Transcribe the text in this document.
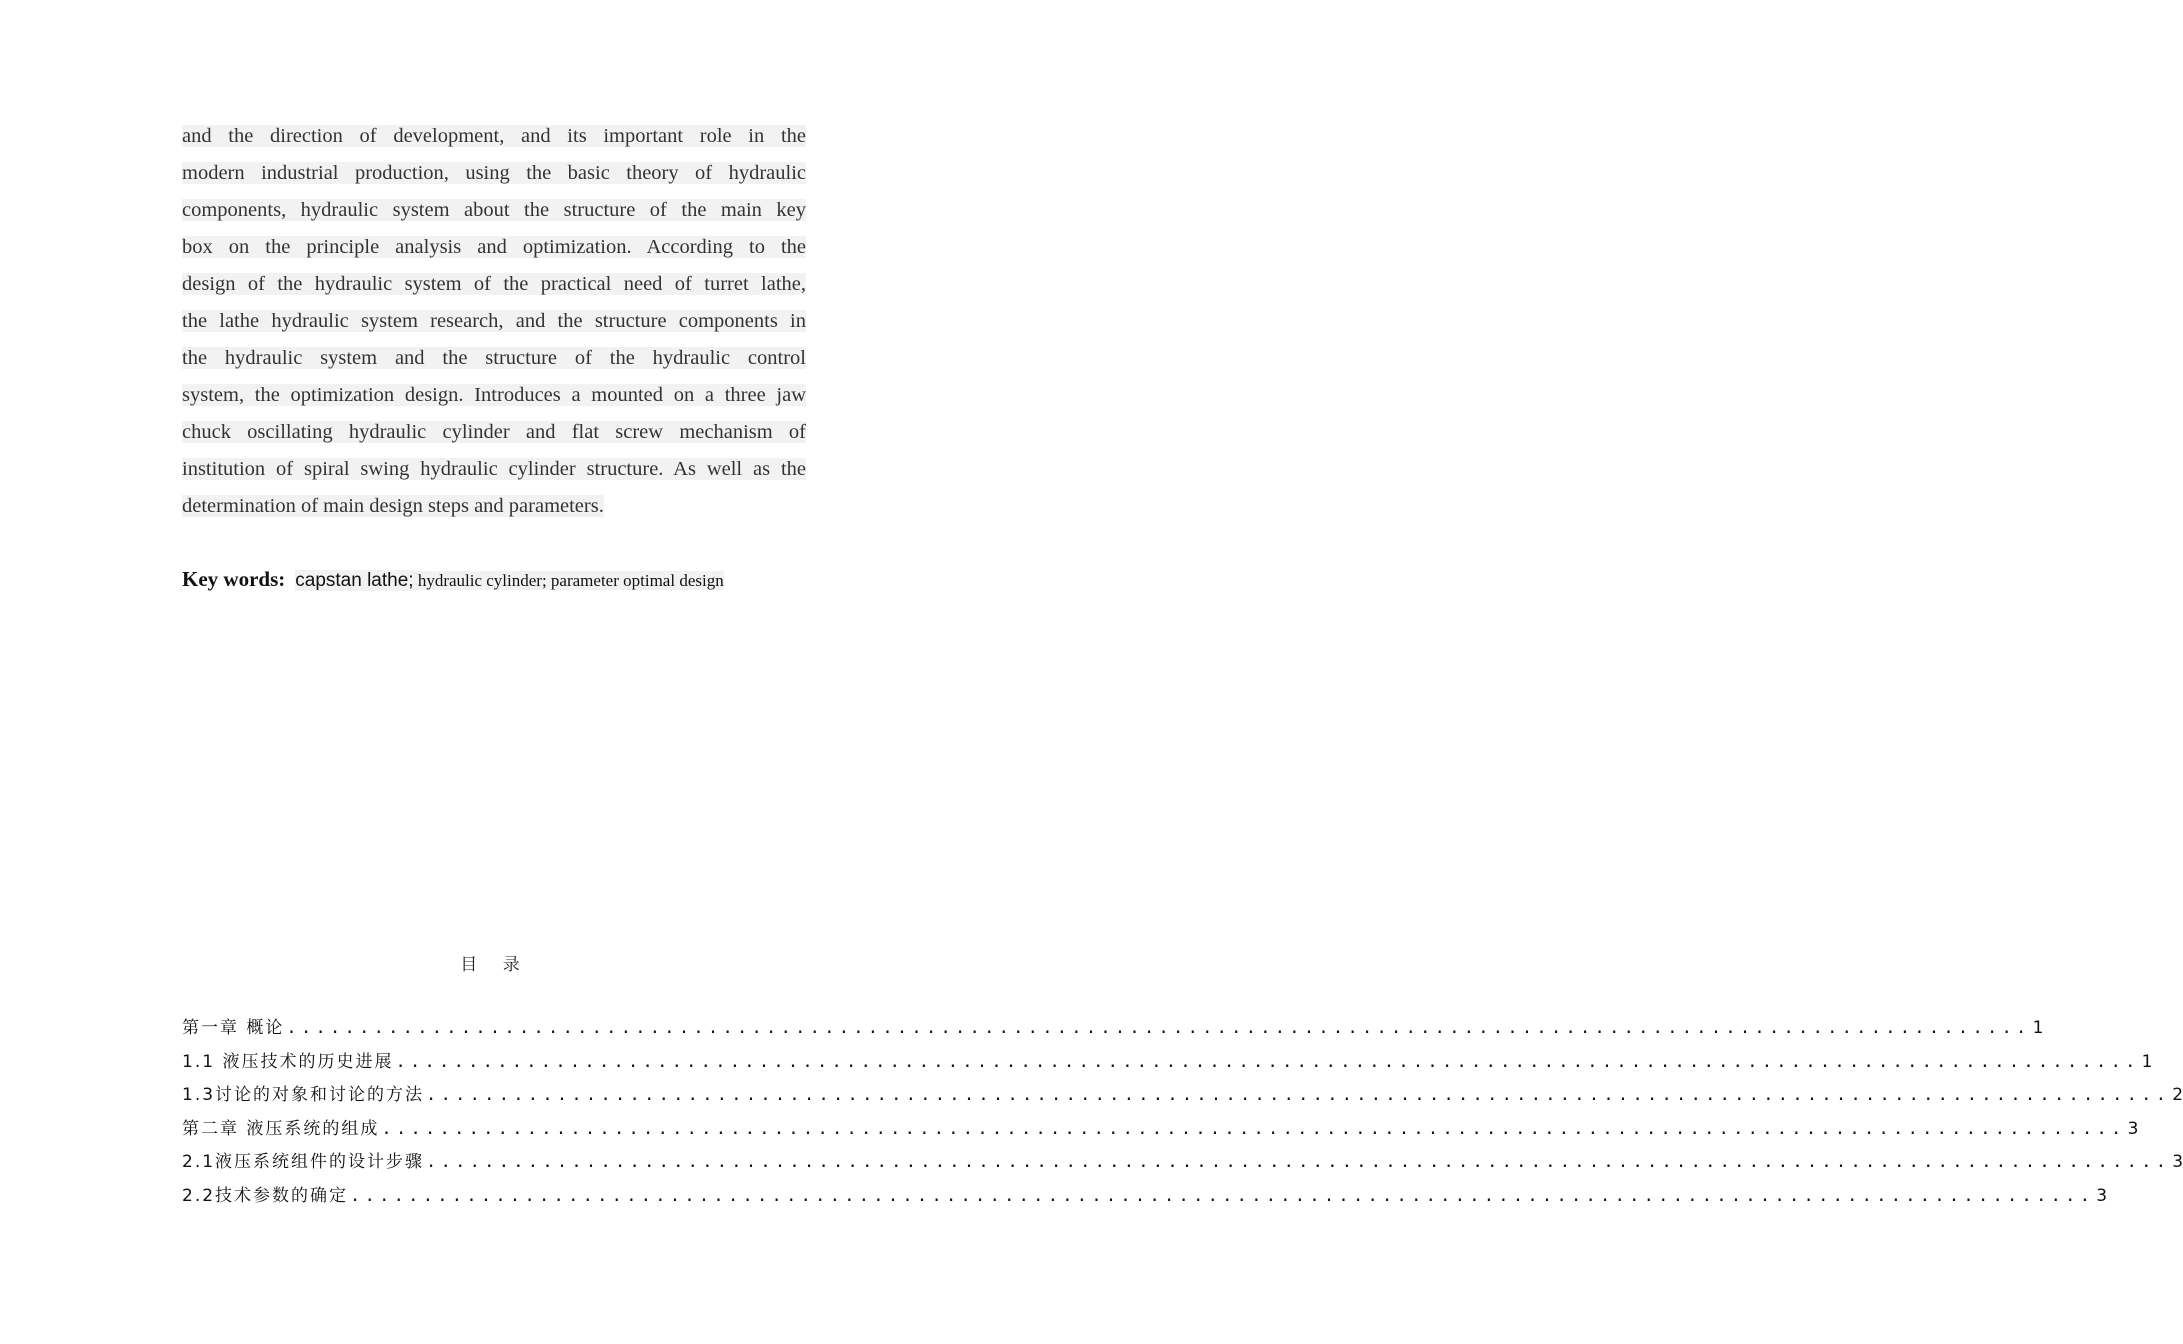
and the direction of development, and its important role in the
modern industrial production, using the basic theory of hydraulic
components, hydraulic system about the structure of the main key
box on the principle analysis and optimization. According to the
design of the hydraulic system of the practical need of turret lathe,
the lathe hydraulic system research, and the structure components in
the hydraulic system and the structure of the hydraulic control
system, the optimization design. Introduces a mounted on a three jaw
chuck oscillating hydraulic cylinder and flat screw mechanism of
institution of spiral swing hydraulic cylinder structure. As well as the
determination of main design steps and parameters.
Key words: capstan lathe; hydraulic cylinder; parameter optimal design
目 录
第一章 概论 ........................................................................................................................ 1
1.1 液压技术的历史进展 ........................................................................................................................ 1
1.3讨论的对象和讨论的方法 ........................................................................................................................ 2
第二章 液压系统的组成 ........................................................................................................................ 3
2.1液压系统组件的设计步骤 ........................................................................................................................ 3
2.2技术参数的确定 ........................................................................................................................ 3
